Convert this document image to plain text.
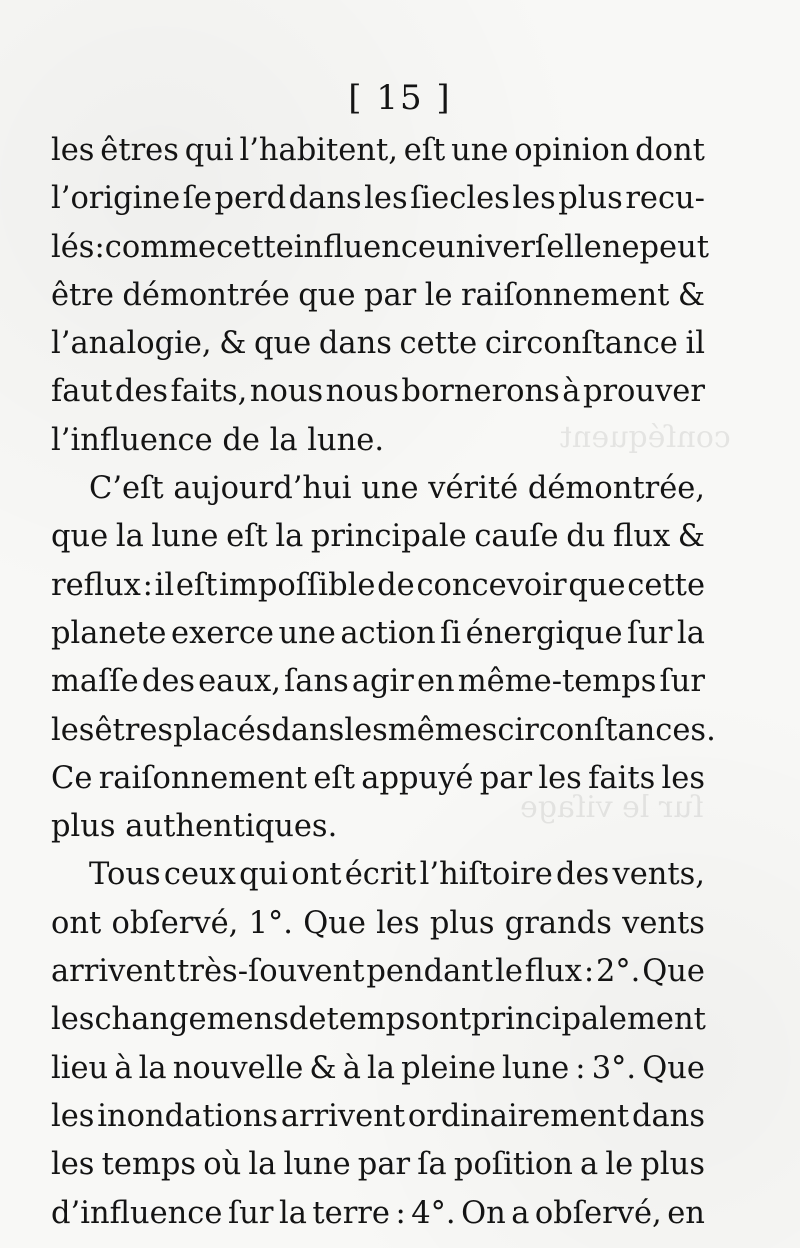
conſéquent
ſur le viſage
[ 15 ]
les êtres qui l’habitent, eſt une opinion dont
l’origine ſe perd dans les ſiecles les plus recu-
lés : comme cette influence univerſelle ne peut
être démontrée que par le raiſonnement &
l’analogie, & que dans cette circonſtance il
faut des faits, nous nous bornerons à prouver
l’influence de la lune.
C’eſt aujourd’hui une vérité démontrée,
que la lune eſt la principale cauſe du flux &
reflux : il eſt impoſſible de concevoir que cette
planete exerce une action ſi énergique ſur la
maſſe des eaux, ſans agir en même-temps ſur
les êtres placés dans les mêmes circonſtances.
Ce raiſonnement eſt appuyé par les faits les
plus authentiques.
Tous ceux qui ont écrit l’hiſtoire des vents,
ont obſervé, 1°. Que les plus grands vents
arrivent très-ſouvent pendant le flux : 2°. Que
les changemens de temps ont principalement
lieu à la nouvelle & à la pleine lune : 3°. Que
les inondations arrivent ordinairement dans
les temps où la lune par ſa poſition a le plus
d’influence ſur la terre : 4°. On a obſervé, en
